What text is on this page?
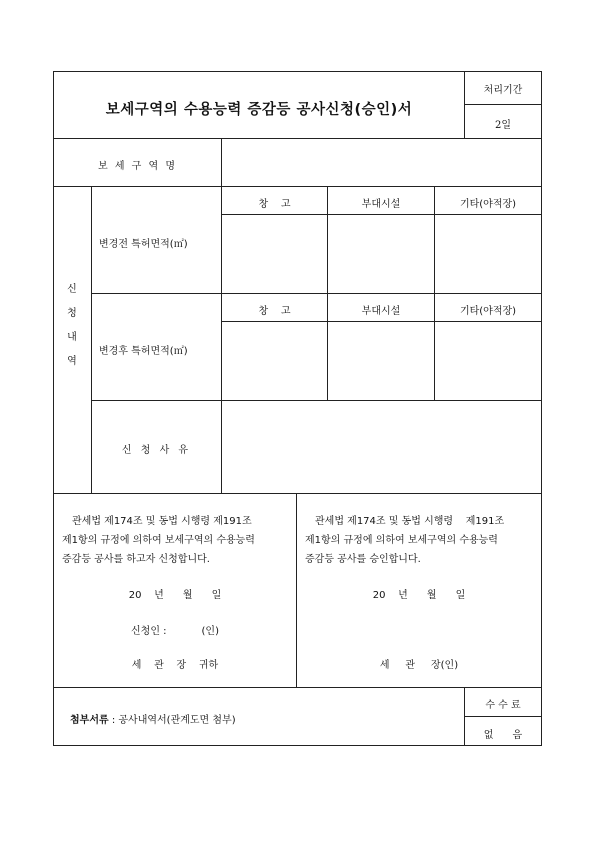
보세구역의 수용능력 증감등 공사신청(승인)서
처리기간
2일
보 세 구 역 명
신
청
내
역
변경전 특허면적(㎡)
창    고	부대시설	기타(야적장)
변경후 특허면적(㎡)
창    고	부대시설	기타(야적장)
신 청 사 유
관세법 제174조 및 동법 시행령 제191조
제1항의 규정에 의하여 보세구역의 수용능력
증감등 공사를 하고자 신청합니다.
20    년      월      일
신청인 :           (인)
세    관    장    귀하
관세법 제174조 및 동법 시행령    제191조
제1항의 규정에 의하여 보세구역의 수용능력
증감등 공사를 승인합니다.
20    년      월      일
세     관     장(인)
첨부서류 : 공사내역서(관계도면 첨부)
수 수 료
없      음
